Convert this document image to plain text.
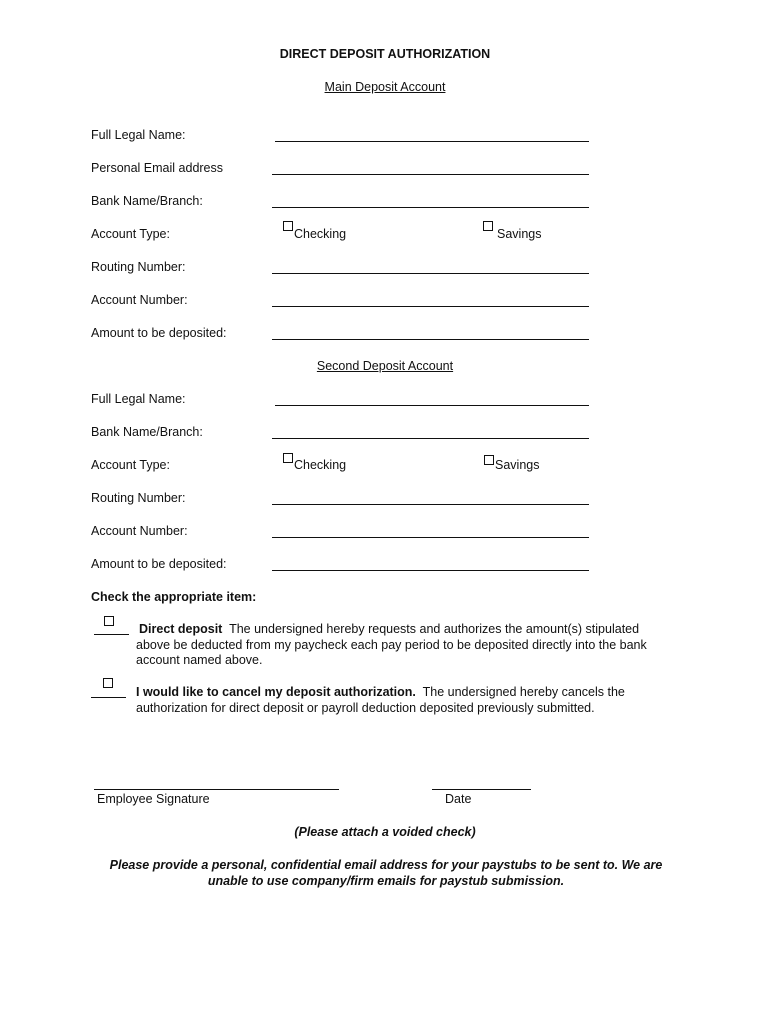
DIRECT DEPOSIT AUTHORIZATION
Main Deposit Account
Full Legal Name:
Personal Email address
Bank Name/Branch:
Account Type:	Checking	Savings
Routing Number:
Account Number:
Amount to be deposited:
Second Deposit Account
Full Legal Name:
Bank Name/Branch:
Account Type:	Checking	Savings
Routing Number:
Account Number:
Amount to be deposited:
Check the appropriate item:
Direct deposit The undersigned hereby requests and authorizes the amount(s) stipulated above be deducted from my paycheck each pay period to be deposited directly into the bank account named above.
I would like to cancel my deposit authorization. The undersigned hereby cancels the authorization for direct deposit or payroll deduction deposited previously submitted.
Employee Signature	Date
(Please attach a voided check)
Please provide a personal, confidential email address for your paystubs to be sent to. We are unable to use company/firm emails for paystub submission.
